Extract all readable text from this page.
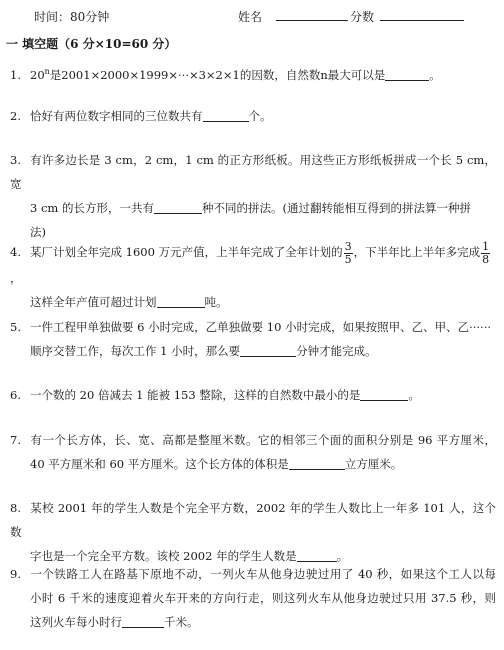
时间：80分钟	姓名	分数
一 填空题（6 分×10=60 分）
1. 20$^n$是2001×2000×1999×···×3×2×1的因数，自然数n最大可以是	。
2. 恰好有两位数字相同的三位数共有	个。
3. 有许多边长是 3 cm，2 cm，1 cm 的正方形纸板。用这些正方形纸板拼成一个长 5 cm，宽
3 cm 的长方形，一共有	种不同的拼法。(通过翻转能相互得到的拼法算一种拼
法)
4. 某厂计划全年完成 1600 万元产值，上半年完成了全年计划的 $\frac{3}{5}$ ，下半年比上半年多完成 $\frac{1}{8}$
，
这样全年产值可超过计划	吨。
5. 一件工程甲单独做要 6 小时完成，乙单独做要 10 小时完成，如果按照甲、乙、甲、乙······
顺序交替工作，每次工作 1 小时，那么要	分钟才能完成。
6. 一个数的 20 倍减去 1 能被 153 整除，这样的自然数中最小的是	。
7. 有一个长方体，长、宽、高都是整厘米数。它的相邻三个面的面积分别是 96 平方厘米，
40 平方厘米和 60 平方厘米。这个长方体的体积是	立方厘米。
8. 某校 2001 年的学生人数是个完全平方数，2002 年的学生人数比上一年多 101 人，这个数
字也是一个完全平方数。该校 2002 年的学生人数是	。
9. 一个铁路工人在路基下原地不动，一列火车从他身边驶过用了 40 秒，如果这个工人以每
小时 6 千米的速度迎着火车开来的方向行走，则这列火车从他身边驶过只用 37.5 秒，则
这列火车每小时行	千米。
